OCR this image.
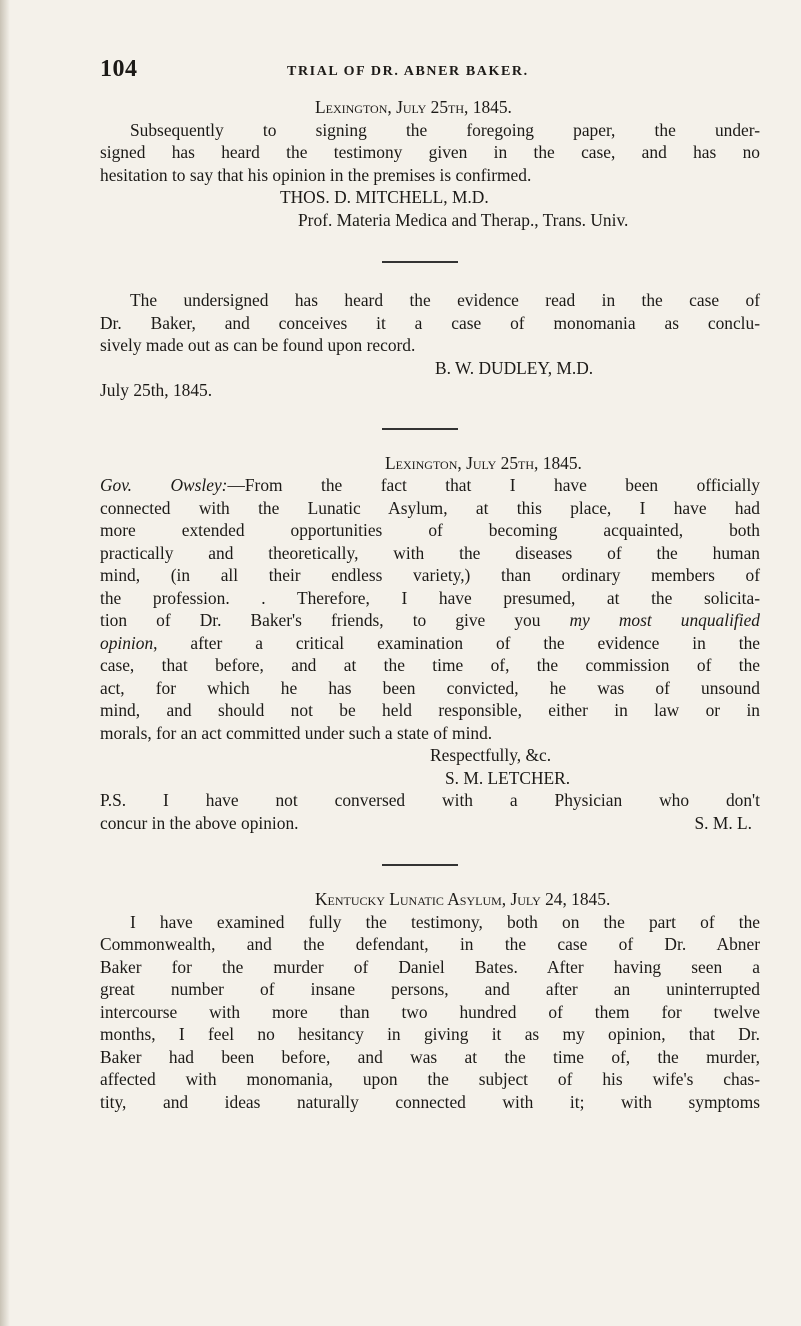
104	TRIAL OF DR. ABNER BAKER.
Lexington, July 25th, 1845.
Subsequently to signing the foregoing paper, the under-
signed has heard the testimony given in the case, and has no
hesitation to say that his opinion in the premises is confirmed.
THOS. D. MITCHELL, M.D.
Prof. Materia Medica and Therap., Trans. Univ.
The undersigned has heard the evidence read in the case of
Dr. Baker, and conceives it a case of monomania as conclu-
sively made out as can be found upon record.
B. W. DUDLEY, M.D.
July 25th, 1845.
Lexington, July 25th, 1845.
Gov. Owsley:—From the fact that I have been officially
connected with the Lunatic Asylum, at this place, I have had
more extended opportunities of becoming acquainted, both
practically and theoretically, with the diseases of the human
mind, (in all their endless variety,) than ordinary members of
the profession. . Therefore, I have presumed, at the solicita-
tion of Dr. Baker's friends, to give you my most unqualified
opinion, after a critical examination of the evidence in the
case, that before, and at the time of, the commission of the
act, for which he has been convicted, he was of unsound
mind, and should not be held responsible, either in law or in
morals, for an act committed under such a state of mind.
Respectfully, &c.
S. M. LETCHER.
P.S. I have not conversed with a Physician who don't
concur in the above opinion.	S. M. L.
Kentucky Lunatic Asylum, July 24, 1845.
I have examined fully the testimony, both on the part of the
Commonwealth, and the defendant, in the case of Dr. Abner
Baker for the murder of Daniel Bates. After having seen a
great number of insane persons, and after an uninterrupted
intercourse with more than two hundred of them for twelve
months, I feel no hesitancy in giving it as my opinion, that Dr.
Baker had been before, and was at the time of, the murder,
affected with monomania, upon the subject of his wife's chas-
tity, and ideas naturally connected with it; with symptoms
